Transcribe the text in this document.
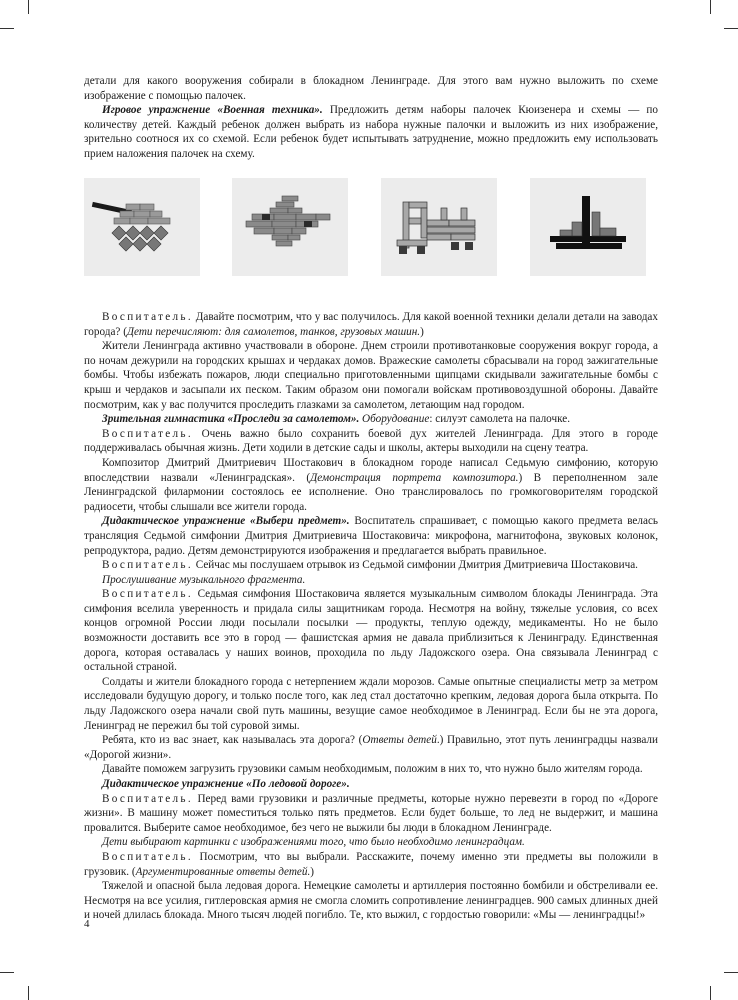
детали для какого вооружения собирали в блокадном Ленинграде. Для этого вам нужно выложить по схеме изображение с помощью палочек.

Игровое упражнение «Военная техника». Предложить детям наборы палочек Кюизенера и схемы — по количеству детей. Каждый ребенок должен выбрать из набора нужные палочки и выложить из них изображение, зрительно соотнося их со схемой. Если ребенок будет испытывать затруднение, можно предложить ему использовать прием наложения палочек на схему.

Воспитатель. Давайте посмотрим, что у вас получилось. Для какой военной техники делали детали на заводах города? (Дети перечисляют: для самолетов, танков, грузовых машин.)

Жители Ленинграда активно участвовали в обороне. Днем строили противотанковые сооружения вокруг города, а по ночам дежурили на городских крышах и чердаках домов. Вражеские самолеты сбрасывали на город зажигательные бомбы. Чтобы избежать пожаров, люди специально приготовленными щипцами скидывали зажигательные бомбы с крыш и чердаков и засыпали их песком. Таким образом они помогали войскам противовоздушной обороны. Давайте посмотрим, как у вас получится проследить глазками за самолетом, летающим над городом.

Зрительная гимнастика «Проследи за самолетом». Оборудование: силуэт самолета на палочке.

Воспитатель. Очень важно было сохранить боевой дух жителей Ленинграда. Для этого в городе поддерживалась обычная жизнь. Дети ходили в детские сады и школы, актеры выходили на сцену театра.

Композитор Дмитрий Дмитриевич Шостакович в блокадном городе написал Седьмую симфонию, которую впоследствии назвали «Ленинградская». (Демонстрация портрета композитора.) В переполненном зале Ленинградской филармонии состоялось ее исполнение. Оно транслировалось по громкоговорителям городской радиосети, чтобы слышали все жители города.

Дидактическое упражнение «Выбери предмет». Воспитатель спрашивает, с помощью какого предмета велась трансляция Седьмой симфонии Дмитрия Дмитриевича Шостаковича: микрофона, магнитофона, звуковых колонок, репродуктора, радио. Детям демонстрируются изображения и предлагается выбрать правильное.

Воспитатель. Сейчас мы послушаем отрывок из Седьмой симфонии Дмитрия Дмитриевича Шостаковича.

Прослушивание музыкального фрагмента.

Воспитатель. Седьмая симфония Шостаковича является музыкальным символом блокады Ленинграда. Эта симфония вселила уверенность и придала силы защитникам города. Несмотря на войну, тяжелые условия, со всех концов огромной России люди посылали посылки — продукты, теплую одежду, медикаменты. Но не было возможности доставить все это в город — фашистская армия не давала приблизиться к Ленинграду. Единственная дорога, которая оставалась у наших воинов, проходила по льду Ладожского озера. Она связывала Ленинград с остальной страной.

Солдаты и жители блокадного города с нетерпением ждали морозов. Самые опытные специалисты метр за метром исследовали будущую дорогу, и только после того, как лед стал достаточно крепким, ледовая дорога была открыта. По льду Ладожского озера начали свой путь машины, везущие самое необходимое в Ленинград. Если бы не эта дорога, Ленинград не пережил бы той суровой зимы.

Ребята, кто из вас знает, как называлась эта дорога? (Ответы детей.) Правильно, этот путь ленинградцы назвали «Дорогой жизни».

Давайте поможем загрузить грузовики самым необходимым, положим в них то, что нужно было жителям города.

Дидактическое упражнение «По ледовой дороге».

Воспитатель. Перед вами грузовики и различные предметы, которые нужно перевезти в город по «Дороге жизни». В машину может поместиться только пять предметов. Если будет больше, то лед не выдержит, и машина провалится. Выберите самое необходимое, без чего не выжили бы люди в блокадном Ленинграде.

Дети выбирают картинки с изображениями того, что было необходимо ленинградцам.

Воспитатель. Посмотрим, что вы выбрали. Расскажите, почему именно эти предметы вы положили в грузовик. (Аргументированные ответы детей.)

Тяжелой и опасной была ледовая дорога. Немецкие самолеты и артиллерия постоянно бомбили и обстреливали ее. Несмотря на все усилия, гитлеровская армия не смогла сломить сопротивление ленинградцев. 900 самых длинных дней и ночей длилась блокада. Много тысяч людей погибло. Те, кто выжил, с гордостью говорили: «Мы — ленинградцы!»

4
